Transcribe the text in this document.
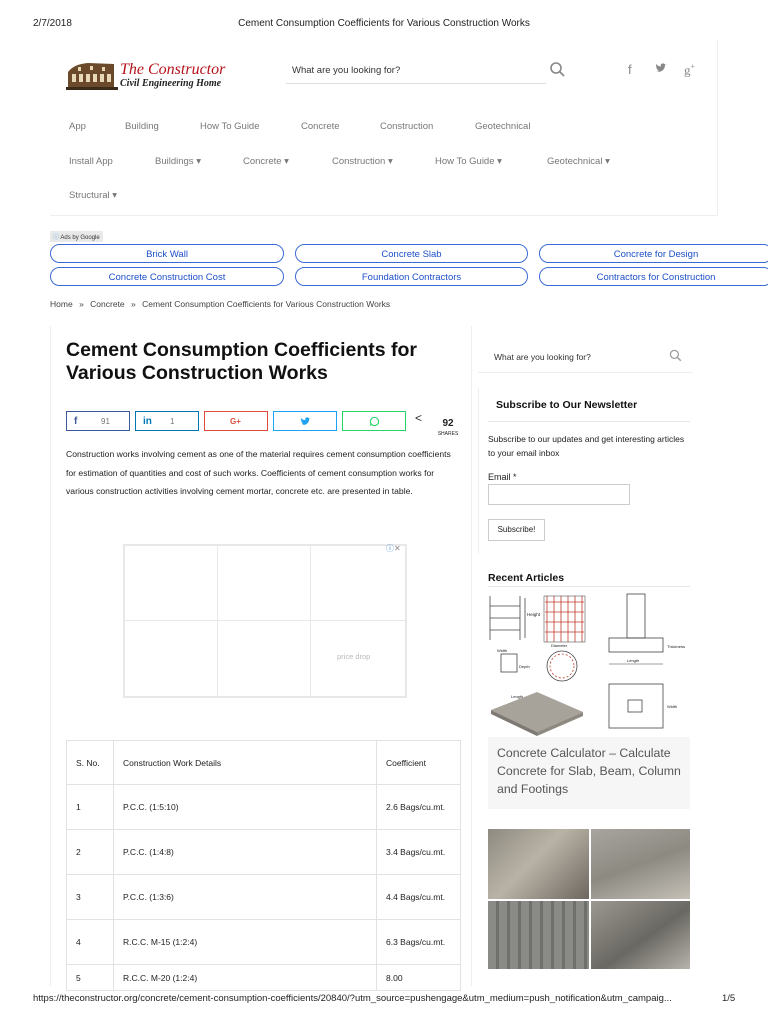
2/7/2018	Cement Consumption Coefficients for Various Construction Works
The Constructor
Civil Engineering Home
What are you looking for?	f	g+
App	Building	How To Guide	Concrete	Construction	Geotechnical
Install App	Buildings ▾	Concrete ▾	Construction ▾	How To Guide ▾	Geotechnical ▾
Structural ▾
ⓘ Ads by Google
Brick Wall	Concrete Slab	Concrete for Design
Concrete Construction Cost	Foundation Contractors	Contractors for Construction
Home » Concrete » Cement Consumption Coefficients for Various Construction Works
Cement Consumption Coefficients for Various Construction Works
f	91	in 1	G+	<	92
SHARES

Construction works involving cement as one of the material requires cement consumption coefficients for estimation of quantities and cost of such works. Coefficients of cement consumption works for various construction activities involving cement mortar, concrete etc. are presented in table.

ⓘ✕
price drop
S. No.	Construction Work Details	Coefficient
1	P.C.C. (1:5:10)	2.6 Bags/cu.mt.
2	P.C.C. (1:4:8)	3.4 Bags/cu.mt.
3	P.C.C. (1:3:6)	4.4 Bags/cu.mt.
4	R.C.C. M-15 (1:2:4)	6.3 Bags/cu.mt.
5	R.C.C. M-20 (1:2:4)	8.00
What are you looking for?
Subscribe to Our Newsletter
Subscribe to our updates and get interesting articles to your email inbox
Email *
Subscribe!
Recent Articles
Height
Width
Depth
Diameter	Thickness
Length
Width
Length
Concrete Calculator – Calculate Concrete for Slab, Beam, Column and Footings
https://theconstructor.org/concrete/cement-consumption-coefficients/20840/?utm_source=pushengage&utm_medium=push_notification&utm_campaig...	1/5
